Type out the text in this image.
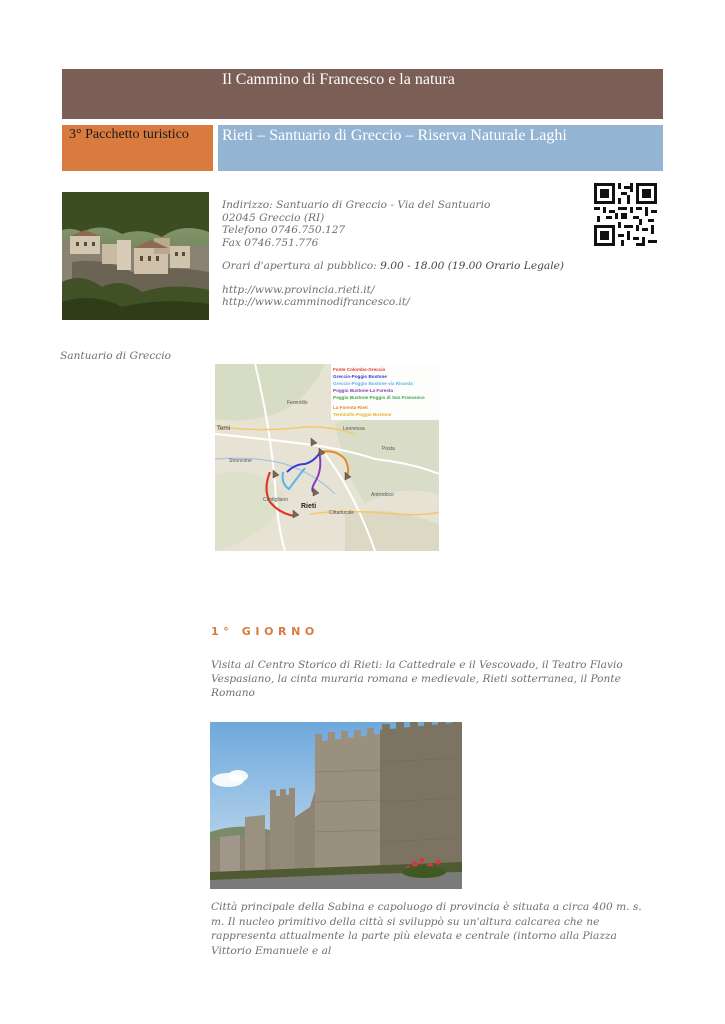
Il Cammino di Francesco e la natura
3° Pacchetto turistico Rieti – Santuario di Greccio – Riserva Naturale Laghi
Indirizzo: Santuario di Greccio - Via del Santuario
02045 Greccio (RI)
Telefono 0746.750.127
Fax 0746.751.776
Orari d'apertura al pubblico: 9.00 - 18.00 (19.00 Orario Legale)
http://www.provincia.rieti.it/
http://www.camminodifrancesco.it/
Santuario di Greccio
Ferentillo
Terni	Leonessa
Posta
Stroncone
Rieti
Cittaducale
Antrodoco
Contigliano
Fonte Colombo-Greccio
Greccio-Poggio Bustone
Greccio-Poggio Bustone via Rivarda
Poggio Bustone-La Foresta
Poggio Bustone-Poggio di San Francesco
La Foresta-Rieti
Terminillo-Poggio Bustone
1° GIORNO
Visita al Centro Storico di Rieti: la Cattedrale e il Vescovado, il Teatro Flavio Vespasiano, la cinta muraria romana e medievale, Rieti sotterranea, il Ponte Romano
Città principale della Sabina e capoluogo di provincia è situata a circa 400 m. s. m. Il nucleo primitivo della città si sviluppò su un'altura calcarea che ne rappresenta attualmente la parte più elevata e centrale (intorno alla Piazza Vittorio Emanuele e al
